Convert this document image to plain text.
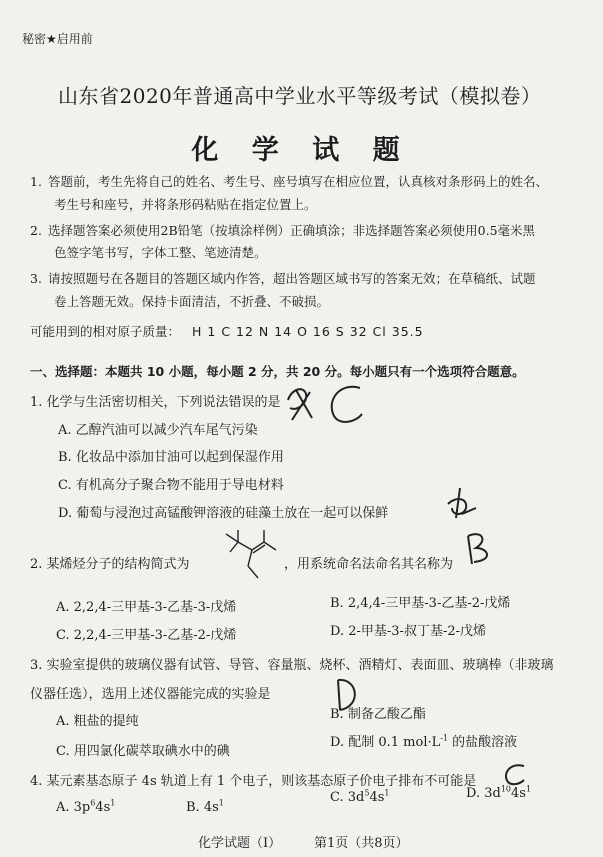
秘密★启用前
山东省2020年普通高中学业水平等级考试（模拟卷）
化 学 试 题
1. 答题前，考生先将自己的姓名、考生号、座号填写在相应位置，认真核对条形码上的姓名、
考生号和座号，并将条形码粘贴在指定位置上。
2. 选择题答案必须使用2B铅笔（按填涂样例）正确填涂；非选择题答案必须使用0.5毫米黑
色签字笔书写，字体工整、笔迹清楚。
3. 请按照题号在各题目的答题区域内作答，超出答题区域书写的答案无效；在草稿纸、试题
卷上答题无效。保持卡面清洁，不折叠、不破损。
可能用到的相对原子质量： H 1 C 12 N 14 O 16 S 32 Cl 35.5
一、选择题：本题共 10 小题，每小题 2 分，共 20 分。每小题只有一个选项符合题意。
1. 化学与生活密切相关，下列说法错误的是
A. 乙醇汽油可以减少汽车尾气污染
B. 化妆品中添加甘油可以起到保湿作用
C. 有机高分子聚合物不能用于导电材料
D. 葡萄与浸泡过高锰酸钾溶液的硅藻土放在一起可以保鲜
2. 某烯烃分子的结构简式为	，用系统命名法命名其名称为
A. 2,2,4-三甲基-3-乙基-3-戊烯	B. 2,4,4-三甲基-3-乙基-2-戊烯
C. 2,2,4-三甲基-3-乙基-2-戊烯	D. 2-甲基-3-叔丁基-2-戊烯
3. 实验室提供的玻璃仪器有试管、导管、容量瓶、烧杯、酒精灯、表面皿、玻璃棒（非玻璃
仪器任选），选用上述仪器能完成的实验是
A. 粗盐的提纯	B. 制备乙酸乙酯
C. 用四氯化碳萃取碘水中的碘
D. 配制 0.1 $mol\cdot L^{-1}$ 的盐酸溶液
4. 某元素基态原子 4s 轨道上有 1 个电子，则该基态原子价电子排布不可能是
A. $3p^64s^1$	B. $4s^1$	C. $3d^54s^1$	D. $3d^{10}4s^1$
化学试题（Ⅰ）	第1页（共8页）
